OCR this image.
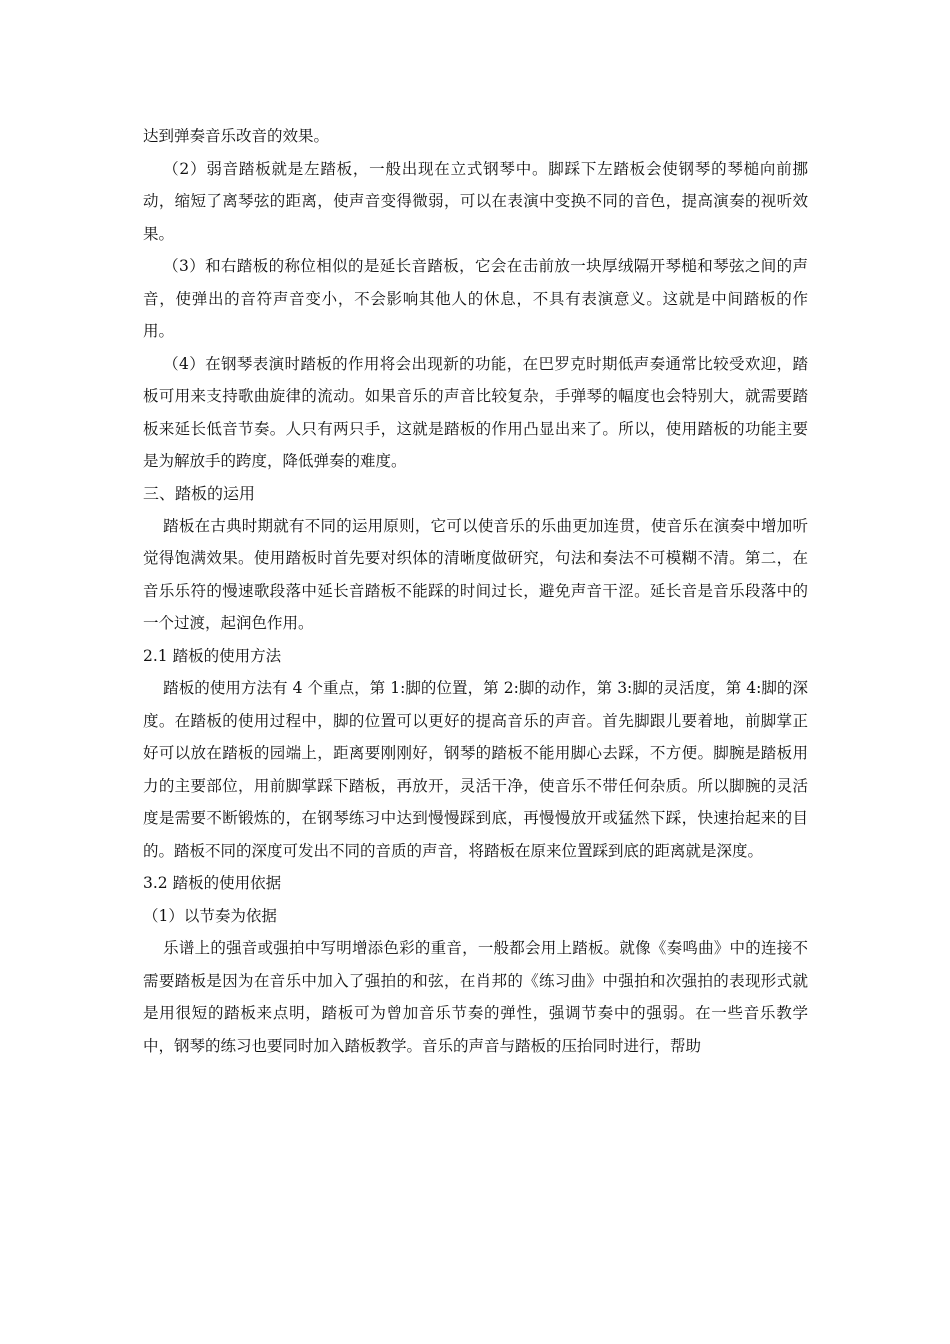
达到弹奏音乐改音的效果。

（2）弱音踏板就是左踏板，一般出现在立式钢琴中。脚踩下左踏板会使钢琴的琴槌向前挪动，缩短了离琴弦的距离，使声音变得微弱，可以在表演中变换不同的音色，提高演奏的视听效果。

（3）和右踏板的称位相似的是延长音踏板，它会在击前放一块厚绒隔开琴槌和琴弦之间的声音，使弹出的音符声音变小，不会影响其他人的休息，不具有表演意义。这就是中间踏板的作用。

（4）在钢琴表演时踏板的作用将会出现新的功能，在巴罗克时期低声奏通常比较受欢迎，踏板可用来支持歌曲旋律的流动。如果音乐的声音比较复杂，手弹琴的幅度也会特别大，就需要踏板来延长低音节奏。人只有两只手，这就是踏板的作用凸显出来了。所以，使用踏板的功能主要是为解放手的跨度，降低弹奏的难度。

三、踏板的运用

踏板在古典时期就有不同的运用原则，它可以使音乐的乐曲更加连贯，使音乐在演奏中增加听觉得饱满效果。使用踏板时首先要对织体的清晰度做研究，句法和奏法不可模糊不清。第二，在音乐乐符的慢速歌段落中延长音踏板不能踩的时间过长，避免声音干涩。延长音是音乐段落中的一个过渡，起润色作用。

2.1 踏板的使用方法

踏板的使用方法有 4 个重点，第 1:脚的位置，第 2:脚的动作，第 3:脚的灵活度，第 4:脚的深度。在踏板的使用过程中，脚的位置可以更好的提高音乐的声音。首先脚跟儿要着地，前脚掌正好可以放在踏板的园端上，距离要刚刚好，钢琴的踏板不能用脚心去踩，不方便。脚腕是踏板用力的主要部位，用前脚掌踩下踏板，再放开，灵活干净，使音乐不带任何杂质。所以脚腕的灵活度是需要不断锻炼的，在钢琴练习中达到慢慢踩到底，再慢慢放开或猛然下踩，快速抬起来的目的。踏板不同的深度可发出不同的音质的声音，将踏板在原来位置踩到底的距离就是深度。

3.2 踏板的使用依据

（1）以节奏为依据

乐谱上的强音或强拍中写明增添色彩的重音，一般都会用上踏板。就像《奏鸣曲》中的连接不需要踏板是因为在音乐中加入了强拍的和弦，在肖邦的《练习曲》中强拍和次强拍的表现形式就是用很短的踏板来点明，踏板可为曾加音乐节奏的弹性，强调节奏中的强弱。在一些音乐教学中，钢琴的练习也要同时加入踏板教学。音乐的声音与踏板的压抬同时进行，帮助
